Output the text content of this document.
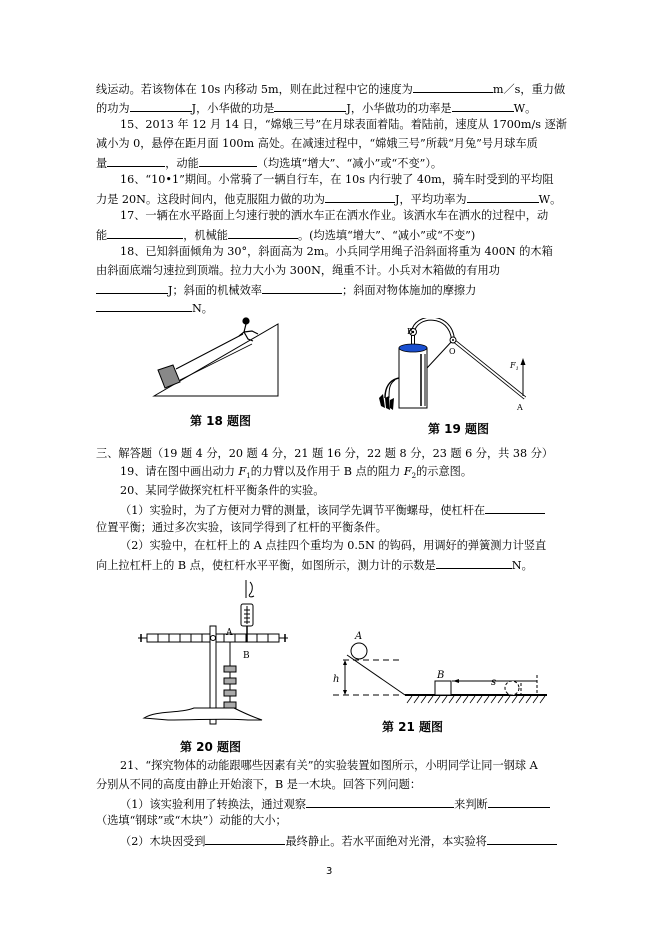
线运动。若该物体在 10s 内移动 5m，则在此过程中它的速度为	m／s，重力做
的功为	J，小华做的功是	J，小华做功的功率是	W。
15、2013 年 12 月 14 日，“嫦娥三号”在月球表面着陆。着陆前，速度从 1700m/s 逐渐
减小为 0，悬停在距月面 100m 高处。在减速过程中，“嫦娥三号”所载“月兔”号月球车质
量	，动能	（均选填“增大”、“减小”或“不变”）。
16、“10•1”期间。小常骑了一辆自行车，在 10s 内行驶了 40m，骑车时受到的平均阻
力是 20N。这段时间内，他克服阻力做的功为	J，平均功率为	W。
17、一辆在水平路面上匀速行驶的洒水车正在洒水作业。该洒水车在洒水的过程中，动
能	，机械能	。(均选填“增大”、“减小”或“不变”)
18、已知斜面倾角为 30°，斜面高为 2m。小兵同学用绳子沿斜面将重为 400N 的木箱
由斜面底端匀速拉到顶端。拉力大小为 300N，绳重不计。小兵对木箱做的有用功
J；斜面的机械效率	；斜面对物体施加的摩擦力
N。
第 18 题图
B
O
$F_1$
A
第 19 题图
三、解答题（19 题 4 分，20 题 4 分，21 题 16 分，22 题 8 分，23 题 6 分，共 38 分）
19、请在图中画出动力 $F_1$的力臂以及作用于 B 点的阻力 $F_2$的示意图。
20、某同学做探究杠杆平衡条件的实验。
（1）实验时，为了方便对力臂的测量，该同学先调节平衡螺母，使杠杆在
位置平衡；通过多次实验，该同学得到了杠杆的平衡条件。
（2）实验中，在杠杆上的 A 点挂四个重均为 0.5N 的钩码，用调好的弹簧测力计竖直
向上拉杠杆上的 B 点，使杠杆水平平衡，如图所示，测力计的示数是	N。
A
B
第 20 题图
A
B
h	s
第 21 题图
21、“探究物体的动能跟哪些因素有关”的实验装置如图所示，小明同学让同一钢球 A
分别从不同的高度由静止开始滚下，B 是一木块。回答下列问题：
（1）该实验利用了转换法，通过观察	来判断
（选填“钢球”或“木块”）动能的大小；
（2）木块因受到	最终静止。若水平面绝对光滑，本实验将
3
